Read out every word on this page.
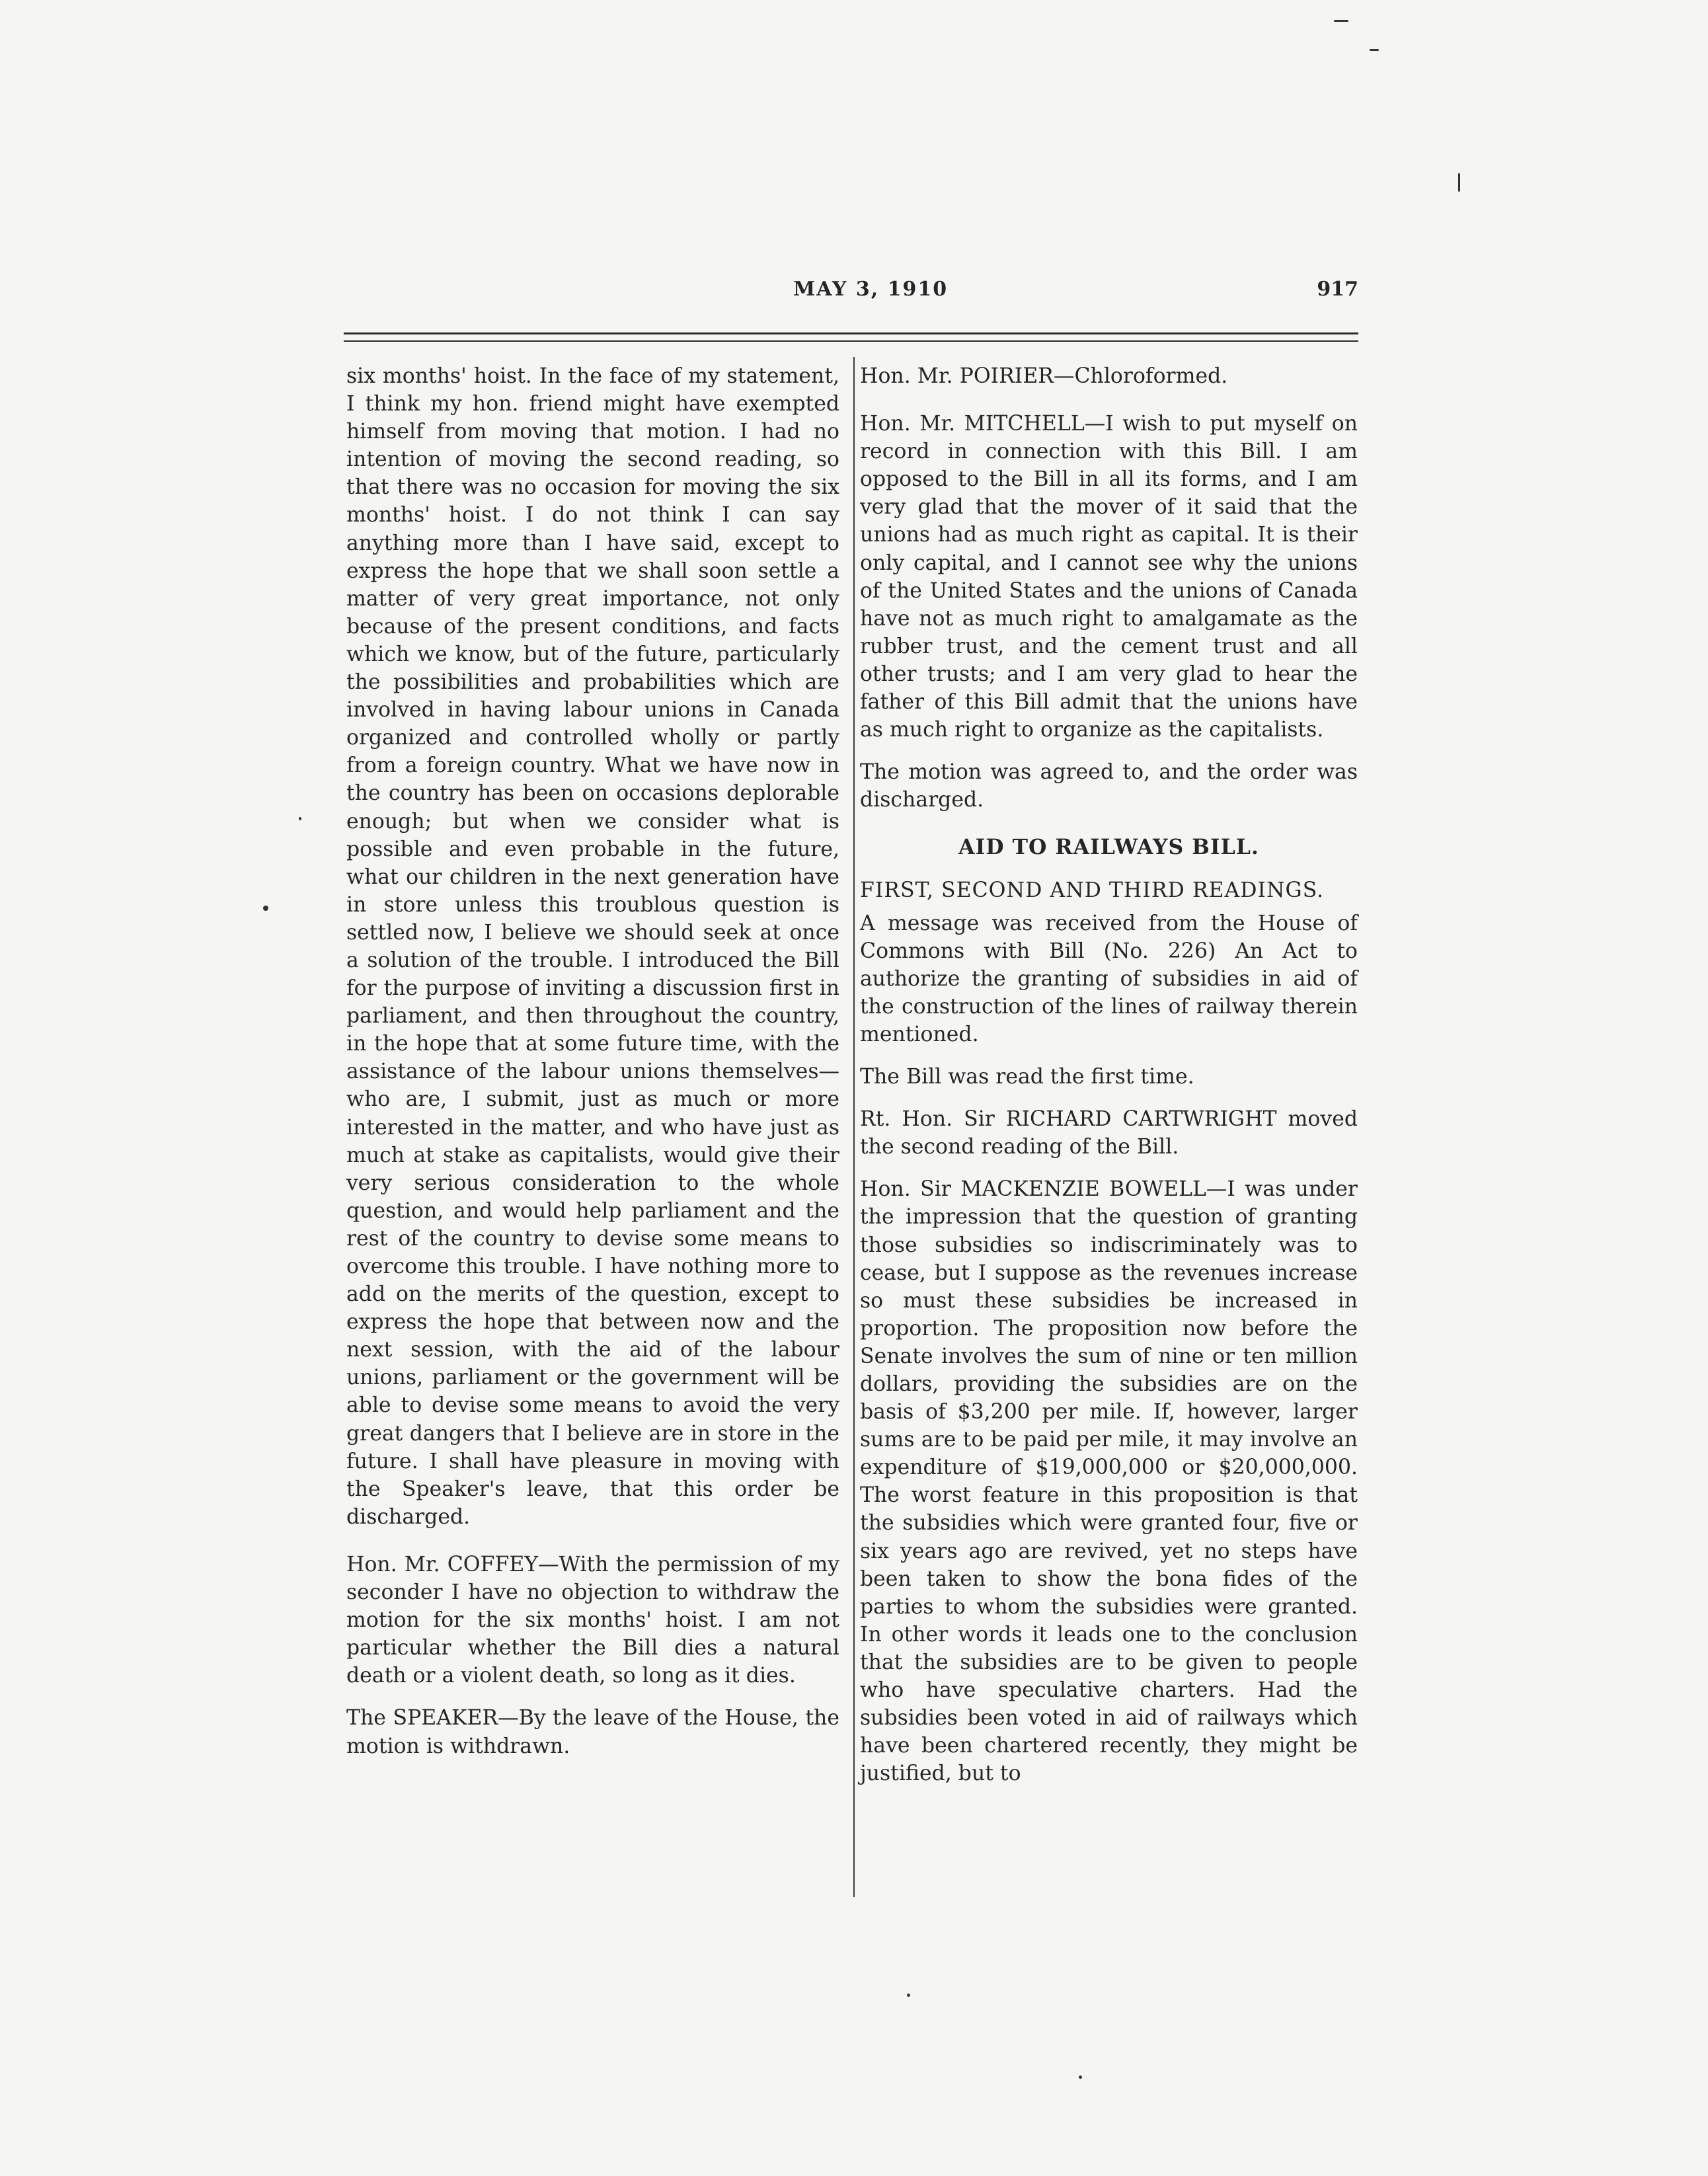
MAY 3, 1910	917

six months' hoist. In the face of my statement, I think my hon. friend might have exempted himself from moving that motion. I had no intention of moving the second reading, so that there was no occasion for moving the six months' hoist. I do not think I can say anything more than I have said, except to express the hope that we shall soon settle a matter of very great importance, not only because of the present conditions, and facts which we know, but of the future, particularly the possibilities and probabilities which are involved in having labour unions in Canada organized and controlled wholly or partly from a foreign country. What we have now in the country has been on occasions deplorable enough; but when we consider what is possible and even probable in the future, what our children in the next generation have in store unless this troublous question is settled now, I believe we should seek at once a solution of the trouble. I introduced the Bill for the purpose of inviting a discussion first in parliament, and then throughout the country, in the hope that at some future time, with the assistance of the labour unions themselves—who are, I submit, just as much or more interested in the matter, and who have just as much at stake as capitalists, would give their very serious consideration to the whole question, and would help parliament and the rest of the country to devise some means to overcome this trouble. I have nothing more to add on the merits of the question, except to express the hope that between now and the next session, with the aid of the labour unions, parliament or the government will be able to devise some means to avoid the very great dangers that I believe are in store in the future. I shall have pleasure in moving with the Speaker's leave, that this order be discharged.

Hon. Mr. COFFEY—With the permission of my seconder I have no objection to withdraw the motion for the six months' hoist. I am not particular whether the Bill dies a natural death or a violent death, so long as it dies.

The SPEAKER—By the leave of the House, the motion is withdrawn.

Hon. Mr. POIRIER—Chloroformed.

Hon. Mr. MITCHELL—I wish to put myself on record in connection with this Bill. I am opposed to the Bill in all its forms, and I am very glad that the mover of it said that the unions had as much right as capital. It is their only capital, and I cannot see why the unions of the United States and the unions of Canada have not as much right to amalgamate as the rubber trust, and the cement trust and all other trusts; and I am very glad to hear the father of this Bill admit that the unions have as much right to organize as the capitalists.

The motion was agreed to, and the order was discharged.

AID TO RAILWAYS BILL.

FIRST, SECOND AND THIRD READINGS.

A message was received from the House of Commons with Bill (No. 226) An Act to authorize the granting of subsidies in aid of the construction of the lines of railway therein mentioned.

The Bill was read the first time.

Rt. Hon. Sir RICHARD CARTWRIGHT moved the second reading of the Bill.

Hon. Sir MACKENZIE BOWELL—I was under the impression that the question of granting those subsidies so indiscriminately was to cease, but I suppose as the revenues increase so must these subsidies be increased in proportion. The proposition now before the Senate involves the sum of nine or ten million dollars, providing the subsidies are on the basis of $3,200 per mile. If, however, larger sums are to be paid per mile, it may involve an expenditure of $19,000,000 or $20,000,000. The worst feature in this proposition is that the subsidies which were granted four, five or six years ago are revived, yet no steps have been taken to show the bona fides of the parties to whom the subsidies were granted. In other words it leads one to the conclusion that the subsidies are to be given to people who have speculative charters. Had the subsidies been voted in aid of railways which have been chartered recently, they might be justified, but to
